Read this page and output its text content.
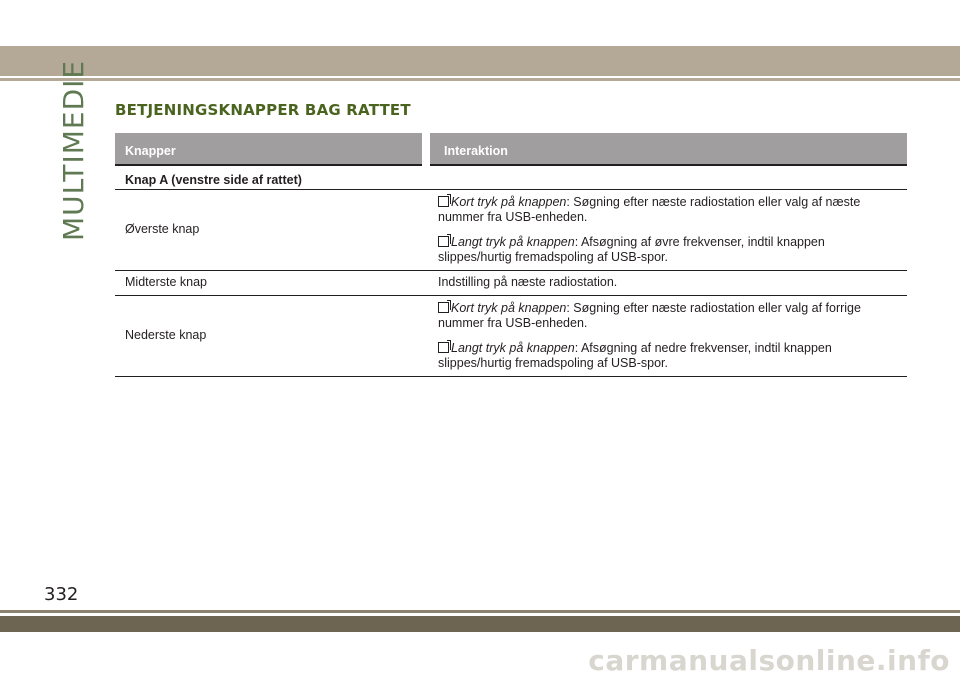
MULTIMEDIE BETJENINGSKNAPPER BAG RATTET
Knapper	Interaktion
Knap A (venstre side af rattet)	
Øverste knap	Kort tryk på knappen: Søgning efter næste radiostation eller valg af næste nummer fra USB-enheden.

Langt tryk på knappen: Afsøgning af øvre frekvenser, indtil knappen slippes/hurtig fremadspoling af USB-spor.

Midterste knap	Indstilling på næste radiostation.
Nederste knap	Kort tryk på knappen: Søgning efter næste radiostation eller valg af forrige nummer fra USB-enheden.

Langt tryk på knappen: Afsøgning af nedre frekvenser, indtil knappen slippes/hurtig fremadspoling af USB-spor.

332
carmanualsonline.info
